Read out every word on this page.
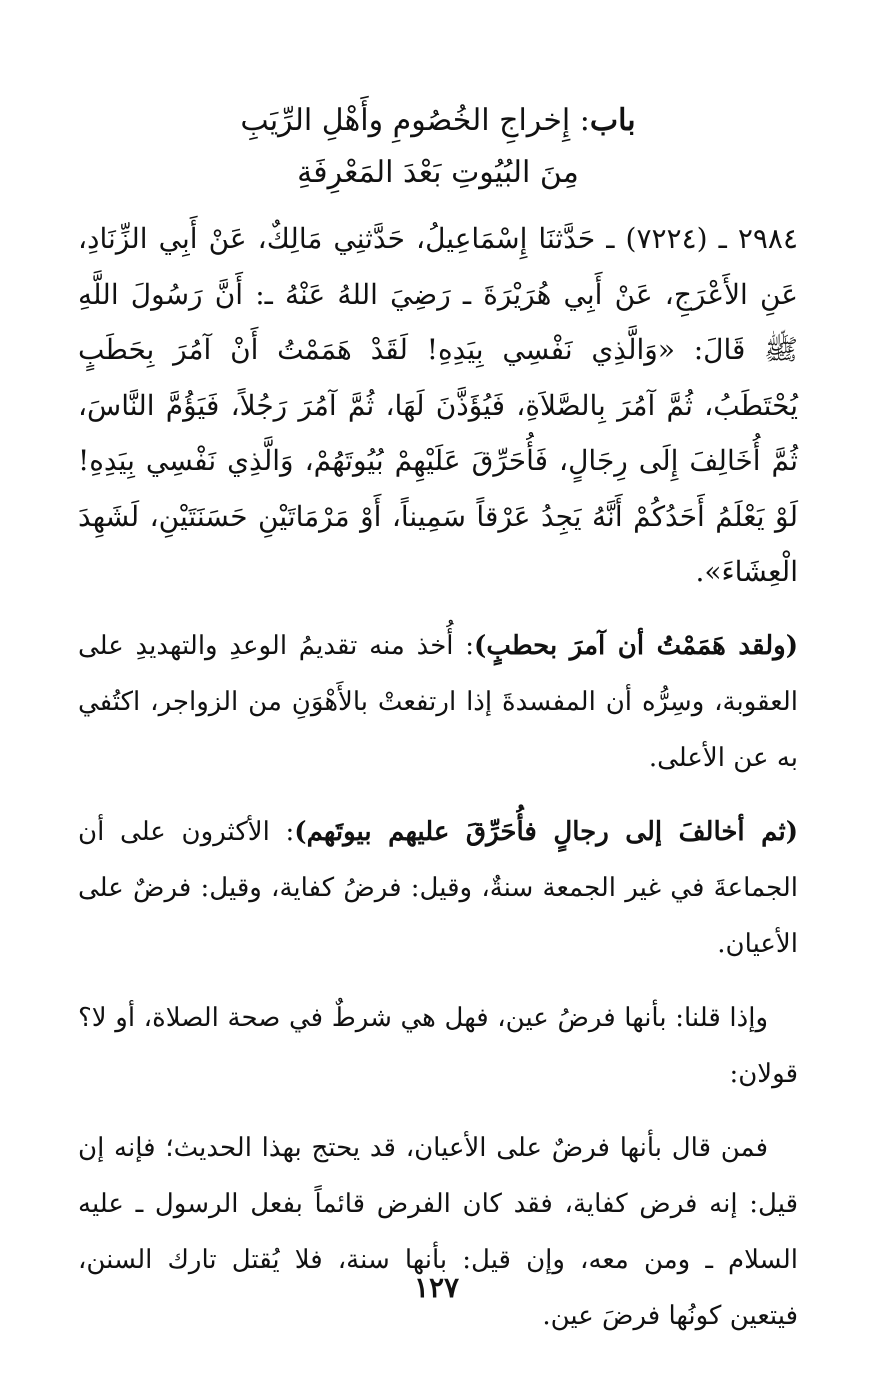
باب: إِخراجِ الخُصُومِ وأَهْلِ الرِّيَبِ
مِنَ البُيُوتِ بَعْدَ المَعْرِفَةِ

٢٩٨٤ ـ (٧٢٢٤) ـ حَدَّثنَا إِسْمَاعِيلُ، حَدَّثنِي مَالِكٌ، عَنْ أَبِي الزِّنَادِ، عَنِ الأَعْرَجِ، عَنْ أَبِي هُرَيْرَةَ ـ رَضِيَ اللهُ عَنْهُ ـ: أَنَّ رَسُولَ اللَّهِ ﷺ قَالَ: «وَالَّذِي نَفْسِي بِيَدِهِ! لَقَدْ هَمَمْتُ أَنْ آمُرَ بِحَطَبٍ يُحْتَطَبُ، ثُمَّ آمُرَ بِالصَّلاَةِ، فَيُؤَذَّنَ لَهَا، ثُمَّ آمُرَ رَجُلاً، فَيَؤُمَّ النَّاسَ، ثُمَّ أُخَالِفَ إِلَى رِجَالٍ، فَأُحَرِّقَ عَلَيْهِمْ بُيُوتَهُمْ، وَالَّذِي نَفْسِي بِيَدِهِ! لَوْ يَعْلَمُ أَحَدُكُمْ أَنَّهُ يَجِدُ عَرْقاً سَمِيناً، أَوْ مَرْمَاتَيْنِ حَسَنَتَيْنِ، لَشَهِدَ الْعِشَاءَ».

(ولقد هَمَمْتُ أن آمرَ بحطبٍ): أُخذ منه تقديمُ الوعدِ والتهديدِ على العقوبة، وسِرُّه أن المفسدةَ إذا ارتفعتْ بالأَهْوَنِ من الزواجر، اكتُفي به عن الأعلى.

(ثم أخالفَ إلى رجالٍ فأُحَرِّقَ عليهم بيوتَهم): الأكثرون على أن الجماعةَ في غير الجمعة سنةٌ، وقيل: فرضُ كفاية، وقيل: فرضٌ على الأعيان.

وإذا قلنا: بأنها فرضُ عين، فهل هي شرطٌ في صحة الصلاة، أو لا؟ قولان:

فمن قال بأنها فرضٌ على الأعيان، قد يحتج بهذا الحديث؛ فإنه إن قيل: إنه فرض كفاية، فقد كان الفرض قائماً بفعل الرسول ـ عليه السلام ـ ومن معه، وإن قيل: بأنها سنة، فلا يُقتل تارك السنن، فيتعين كونُها فرضَ عين.

١٢٧
